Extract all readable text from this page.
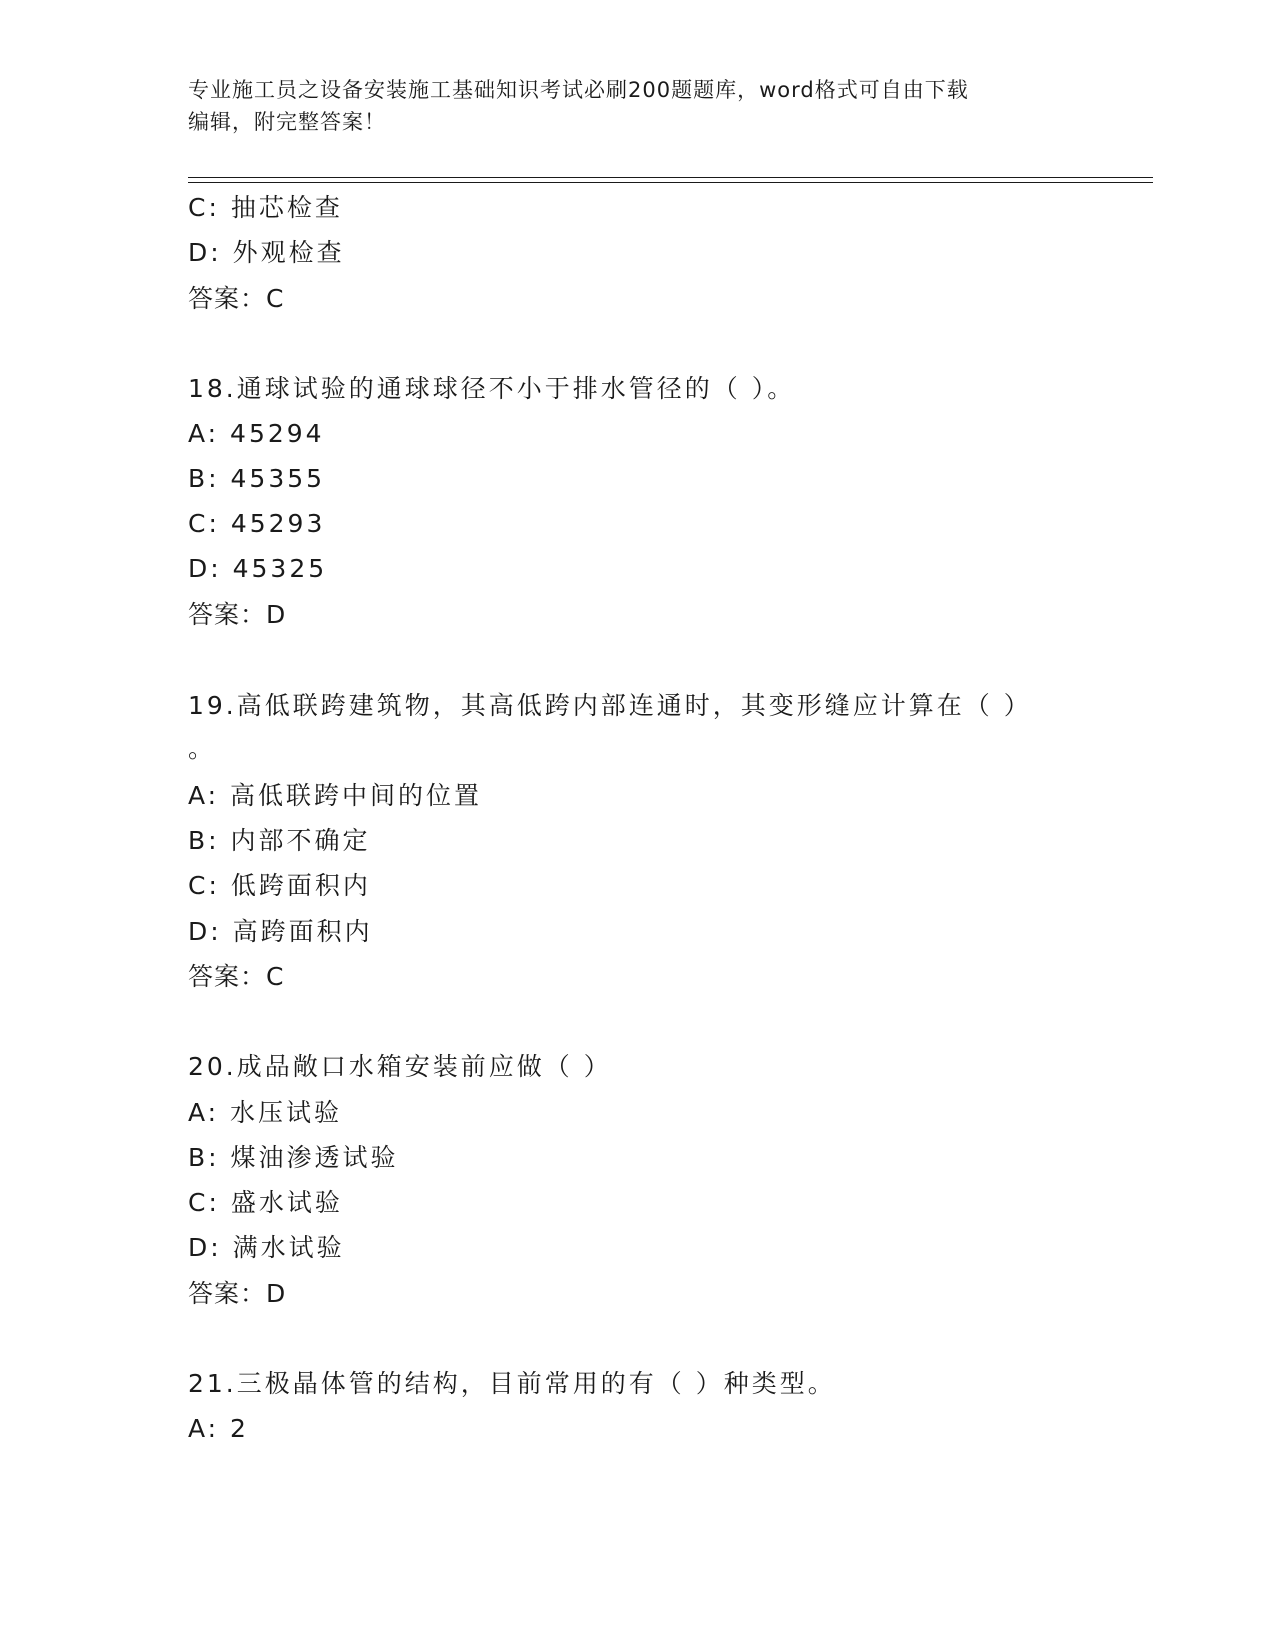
专业施工员之设备安装施工基础知识考试必刷200题题库，word格式可自由下载
编辑，附完整答案！
C: 抽芯检查
D: 外观检查
答案：C
18.通球试验的通球球径不小于排水管径的（ ）。
A: 45294
B: 45355
C: 45293
D: 45325
答案：D
19.高低联跨建筑物，其高低跨内部连通时，其变形缝应计算在（ ）
。
A: 高低联跨中间的位置
B: 内部不确定
C: 低跨面积内
D: 高跨面积内
答案：C
20.成品敞口水箱安装前应做（ ）
A: 水压试验
B: 煤油渗透试验
C: 盛水试验
D: 满水试验
答案：D
21.三极晶体管的结构，目前常用的有（ ）种类型。
A: 2
